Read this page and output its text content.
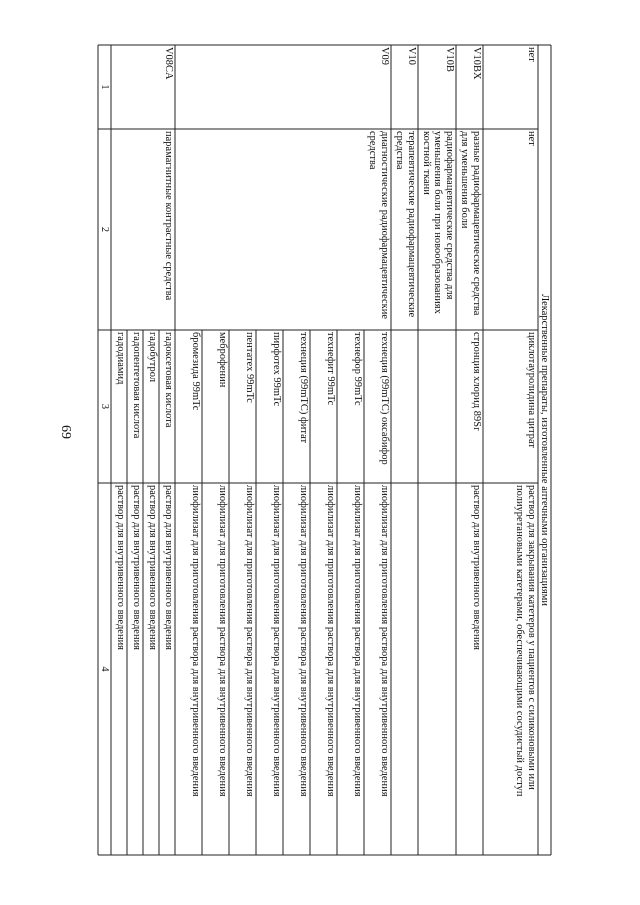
69
1
2
3
4
V08CA
парамагнитные контрастные средства
гадодиамид
раствор для внутривенного введения
гадопентетовая кислота
раствор для внутривенного введения
гадобутрол
раствор для внутривенного введения
гадоксетовая кислота
раствор для внутривенного введения
V09
диагностические радиофармацевтические средства
бромезида 99mTc
лиофилизат для приготовления раствора для внутривенного введения
меброфенин
лиофилизат для приготовления раствора для внутривенного введения
пентатех 99mTc
лиофилизат для приготовления раствора для внутривенного введения
пирфотех 99mTc
лиофилизат для приготовления раствора для внутривенного введения
технеция (99mTC) фитат
лиофилизат для приготовления раствора для внутривенного введения
технефит 99mTc
лиофилизат для приготовления раствора для внутривенного введения
технефор 99mTc
лиофилизат для приготовления раствора для внутривенного введения
технеция (99mTC) оксабифор
лиофилизат для приготовления раствора для внутривенного введения
V10
терапевтические радиофармацевтические средства
V10B
радиофармацевтические средства для уменьшения боли при новообразованиях костной ткани
V10BX
разные радиофармацевтические средства для уменьшения боли
стронция хлорид 89Sr
раствор для внутривенного введения
нет
нет
циклотауролидина цитрат
раствор для закрывания катетеров у пациентов с силиконовыми или полиуретановыми катетерами, обеспечивающими сосудистый доступ
Лекарственные препараты, изготовленные аптечными организациями
